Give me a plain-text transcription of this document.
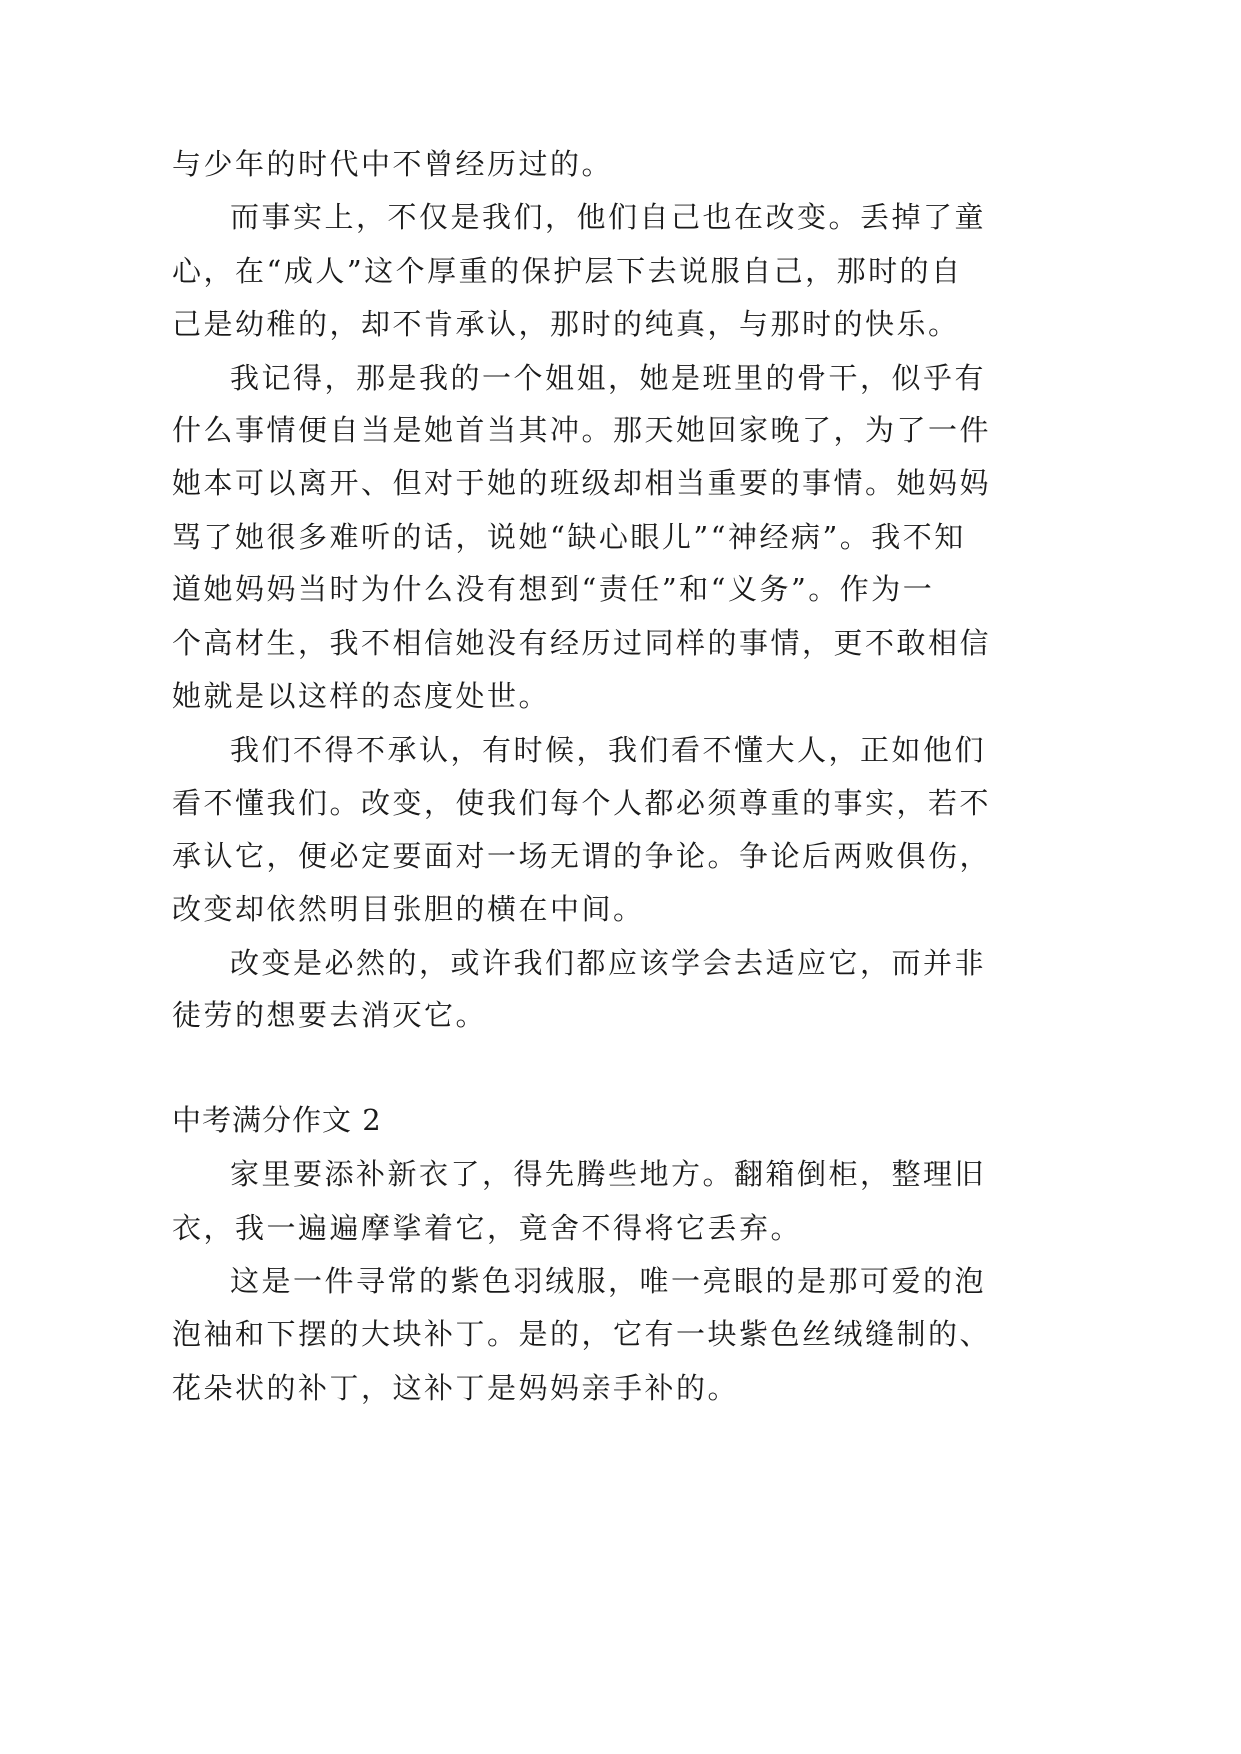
与少年的时代中不曾经历过的。
而事实上，不仅是我们，他们自己也在改变。丢掉了童
心，在“成人”这个厚重的保护层下去说服自己，那时的自
己是幼稚的，却不肯承认，那时的纯真，与那时的快乐。
我记得，那是我的一个姐姐，她是班里的骨干，似乎有
什么事情便自当是她首当其冲。那天她回家晚了，为了一件
她本可以离开、但对于她的班级却相当重要的事情。她妈妈
骂了她很多难听的话，说她“缺心眼儿”“神经病”。我不知
道她妈妈当时为什么没有想到“责任”和“义务”。作为一
个高材生，我不相信她没有经历过同样的事情，更不敢相信
她就是以这样的态度处世。
我们不得不承认，有时候，我们看不懂大人，正如他们
看不懂我们。改变，使我们每个人都必须尊重的事实，若不
承认它，便必定要面对一场无谓的争论。争论后两败俱伤，
改变却依然明目张胆的横在中间。
改变是必然的，或许我们都应该学会去适应它，而并非
徒劳的想要去消灭它。
中考满分作文 2
家里要添补新衣了，得先腾些地方。翻箱倒柜，整理旧
衣，我一遍遍摩挲着它，竟舍不得将它丢弃。
这是一件寻常的紫色羽绒服，唯一亮眼的是那可爱的泡
泡袖和下摆的大块补丁。是的，它有一块紫色丝绒缝制的、
花朵状的补丁，这补丁是妈妈亲手补的。
